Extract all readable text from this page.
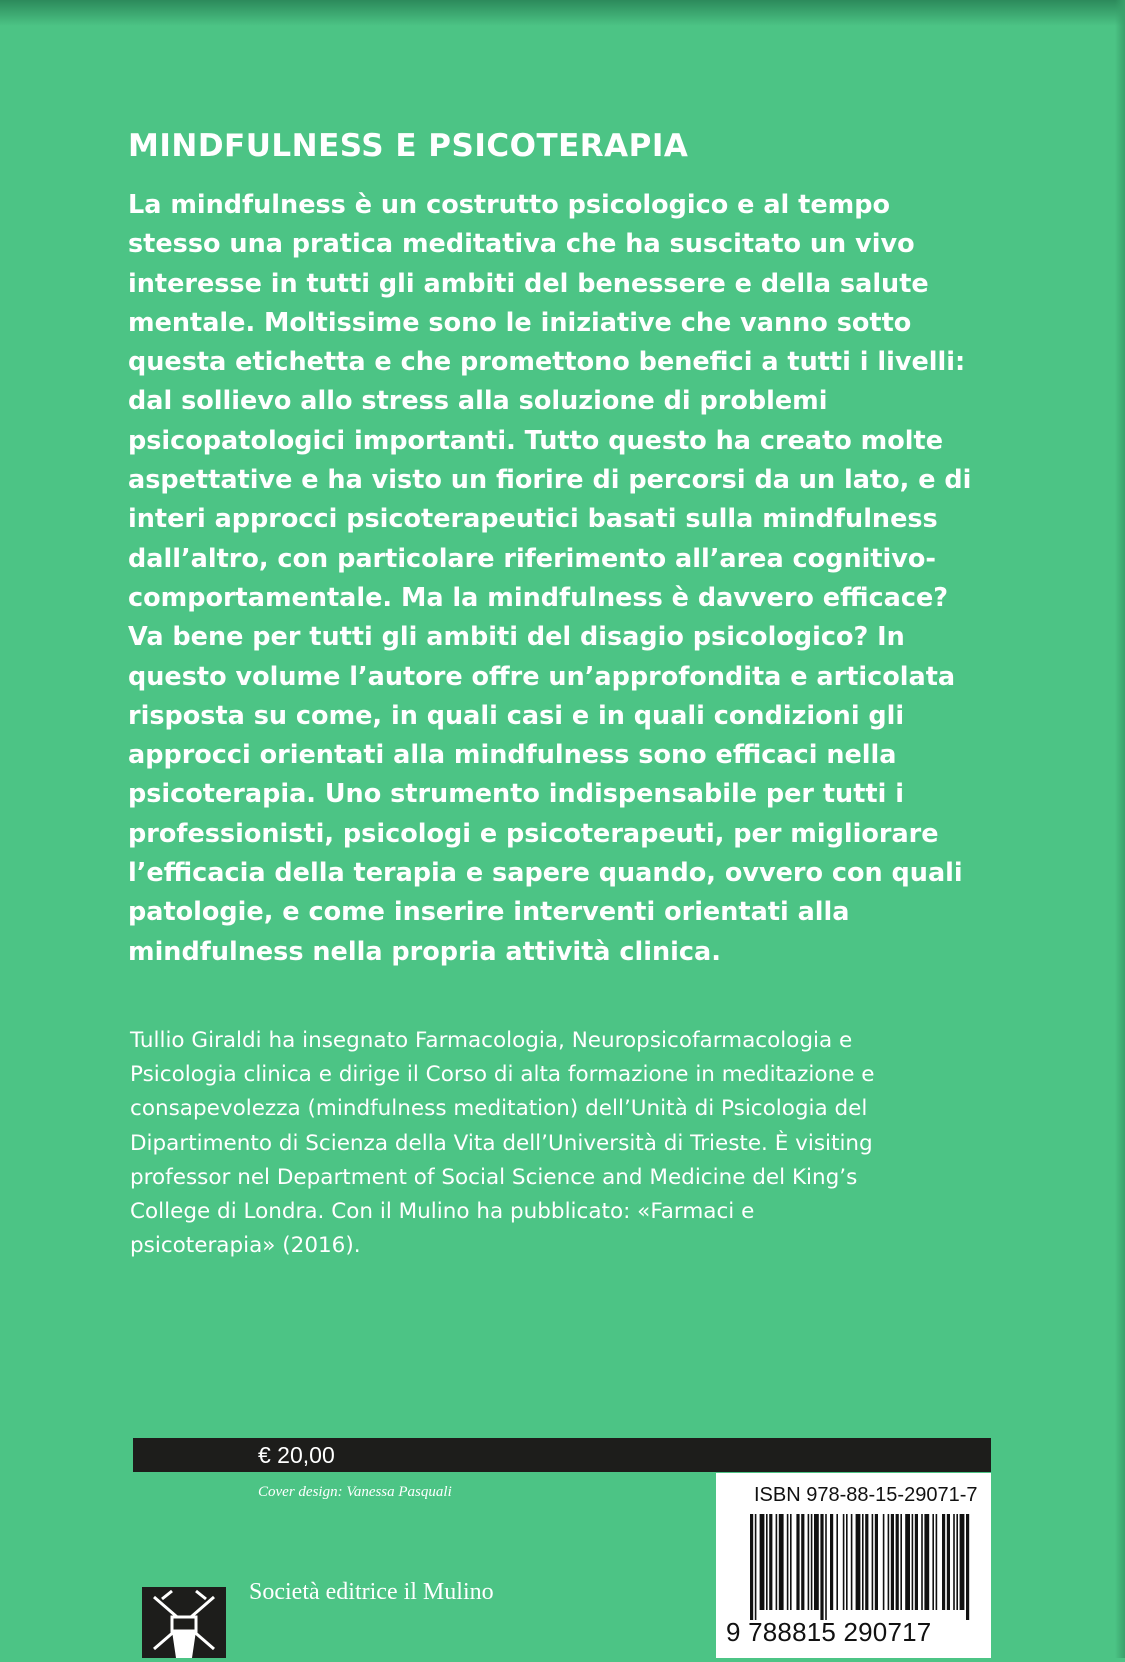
MINDFULNESS E PSICOTERAPIA

La mindfulness è un costrutto psicologico e al tempo
stesso una pratica meditativa che ha suscitato un vivo
interesse in tutti gli ambiti del benessere e della salute
mentale. Moltissime sono le iniziative che vanno sotto
questa etichetta e che promettono benefici a tutti i livelli:
dal sollievo allo stress alla soluzione di problemi
psicopatologici importanti. Tutto questo ha creato molte
aspettative e ha visto un fiorire di percorsi da un lato, e di
interi approcci psicoterapeutici basati sulla mindfulness
dall’altro, con particolare riferimento all’area cognitivo-
comportamentale. Ma la mindfulness è davvero efficace?
Va bene per tutti gli ambiti del disagio psicologico? In
questo volume l’autore offre un’approfondita e articolata
risposta su come, in quali casi e in quali condizioni gli
approcci orientati alla mindfulness sono efficaci nella
psicoterapia. Uno strumento indispensabile per tutti i
professionisti, psicologi e psicoterapeuti, per migliorare
l’efficacia della terapia e sapere quando, ovvero con quali
patologie, e come inserire interventi orientati alla
mindfulness nella propria attività clinica.

Tullio Giraldi ha insegnato Farmacologia, Neuropsicofarmacologia e
Psicologia clinica e dirige il Corso di alta formazione in meditazione e
consapevolezza (mindfulness meditation) dell’Unità di Psicologia del
Dipartimento di Scienza della Vita dell’Università di Trieste. È visiting
professor nel Department of Social Science and Medicine del King’s
College di Londra. Con il Mulino ha pubblicato: «Farmaci e
psicoterapia» (2016).

€ 20,00
Cover design: Vanessa Pasquali
Società editrice il Mulino
ISBN 978-88-15-29071-7
9 788815 290717
